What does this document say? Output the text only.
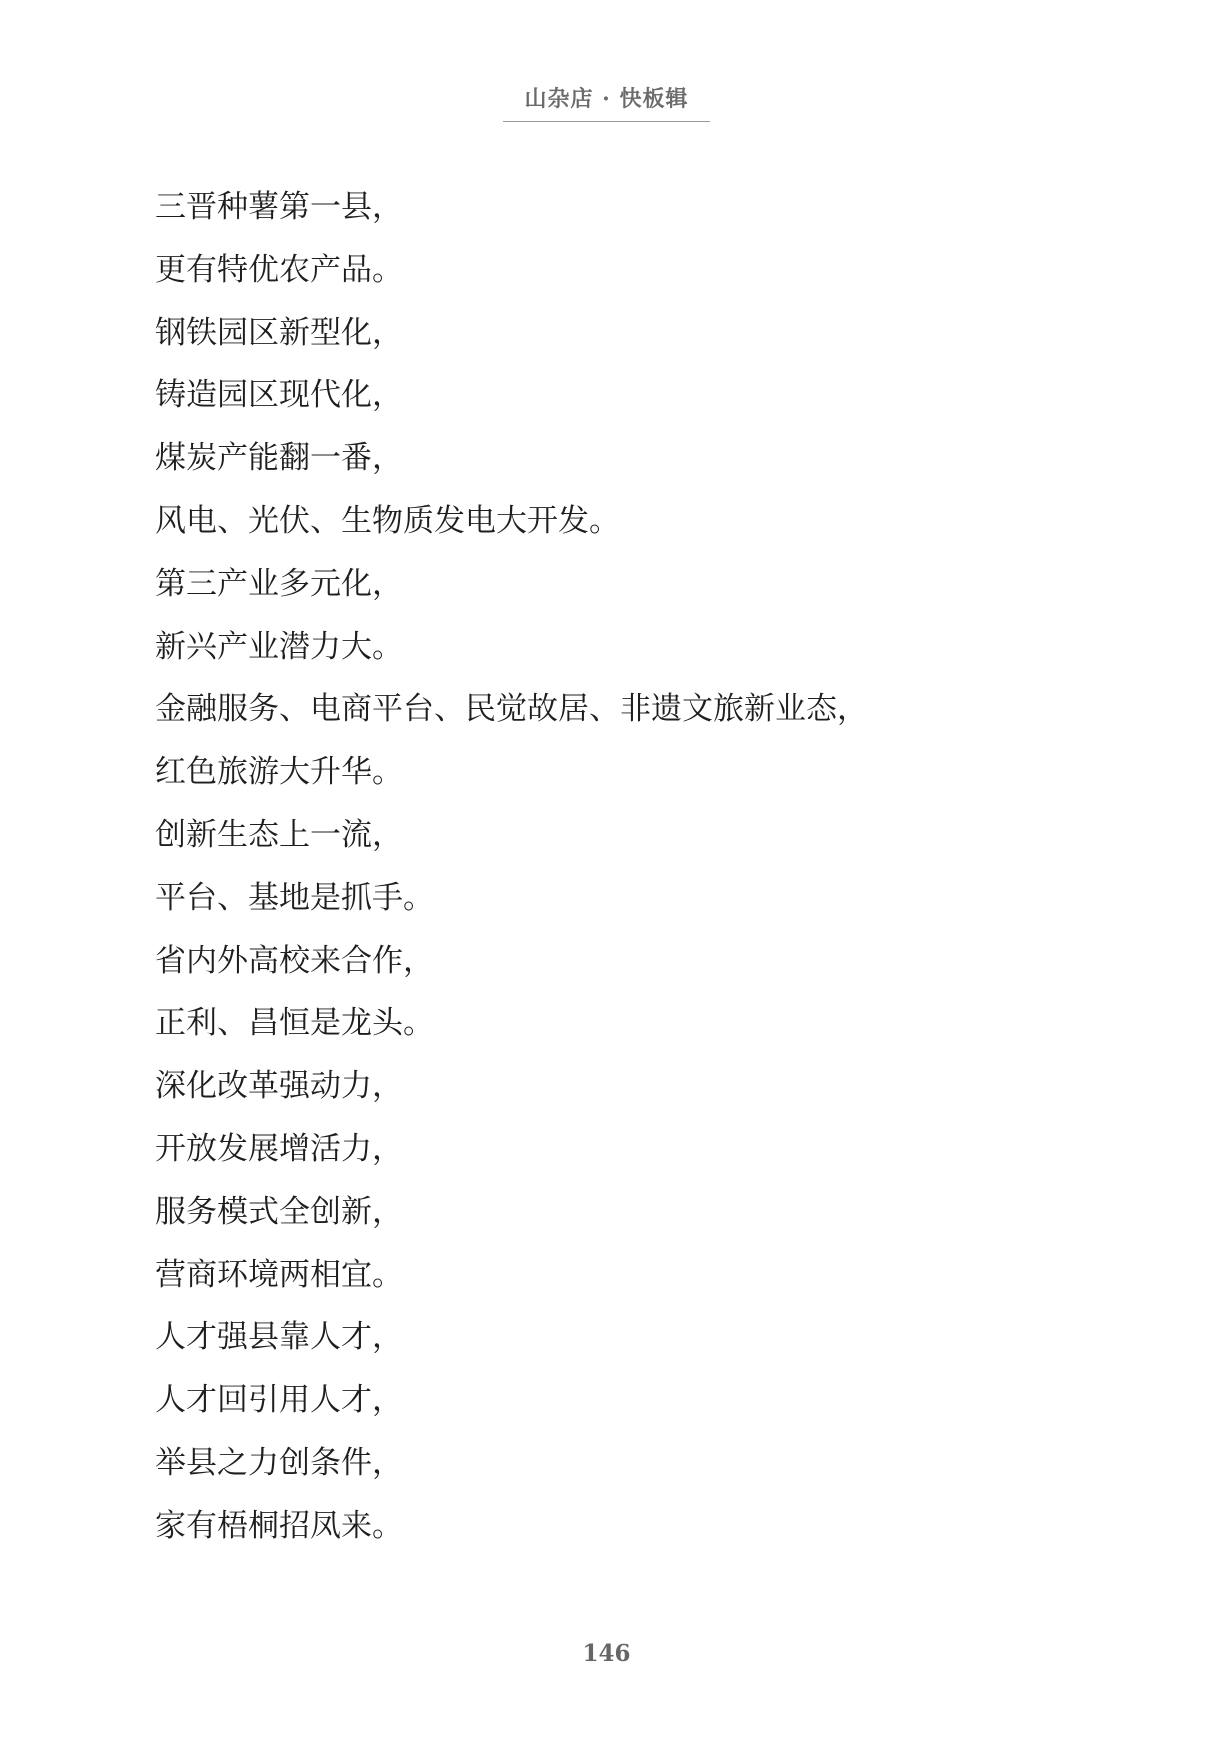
山杂店 · 快板辑
三晋种薯第一县，
更有特优农产品。
钢铁园区新型化，
铸造园区现代化，
煤炭产能翻一番，
风电、光伏、生物质发电大开发。
第三产业多元化，
新兴产业潜力大。
金融服务、电商平台、民觉故居、非遗文旅新业态，
红色旅游大升华。
创新生态上一流，
平台、基地是抓手。
省内外高校来合作，
正利、昌恒是龙头。
深化改革强动力，
开放发展增活力，
服务模式全创新，
营商环境两相宜。
人才强县靠人才，
人才回引用人才，
举县之力创条件，
家有梧桐招凤来。
146
